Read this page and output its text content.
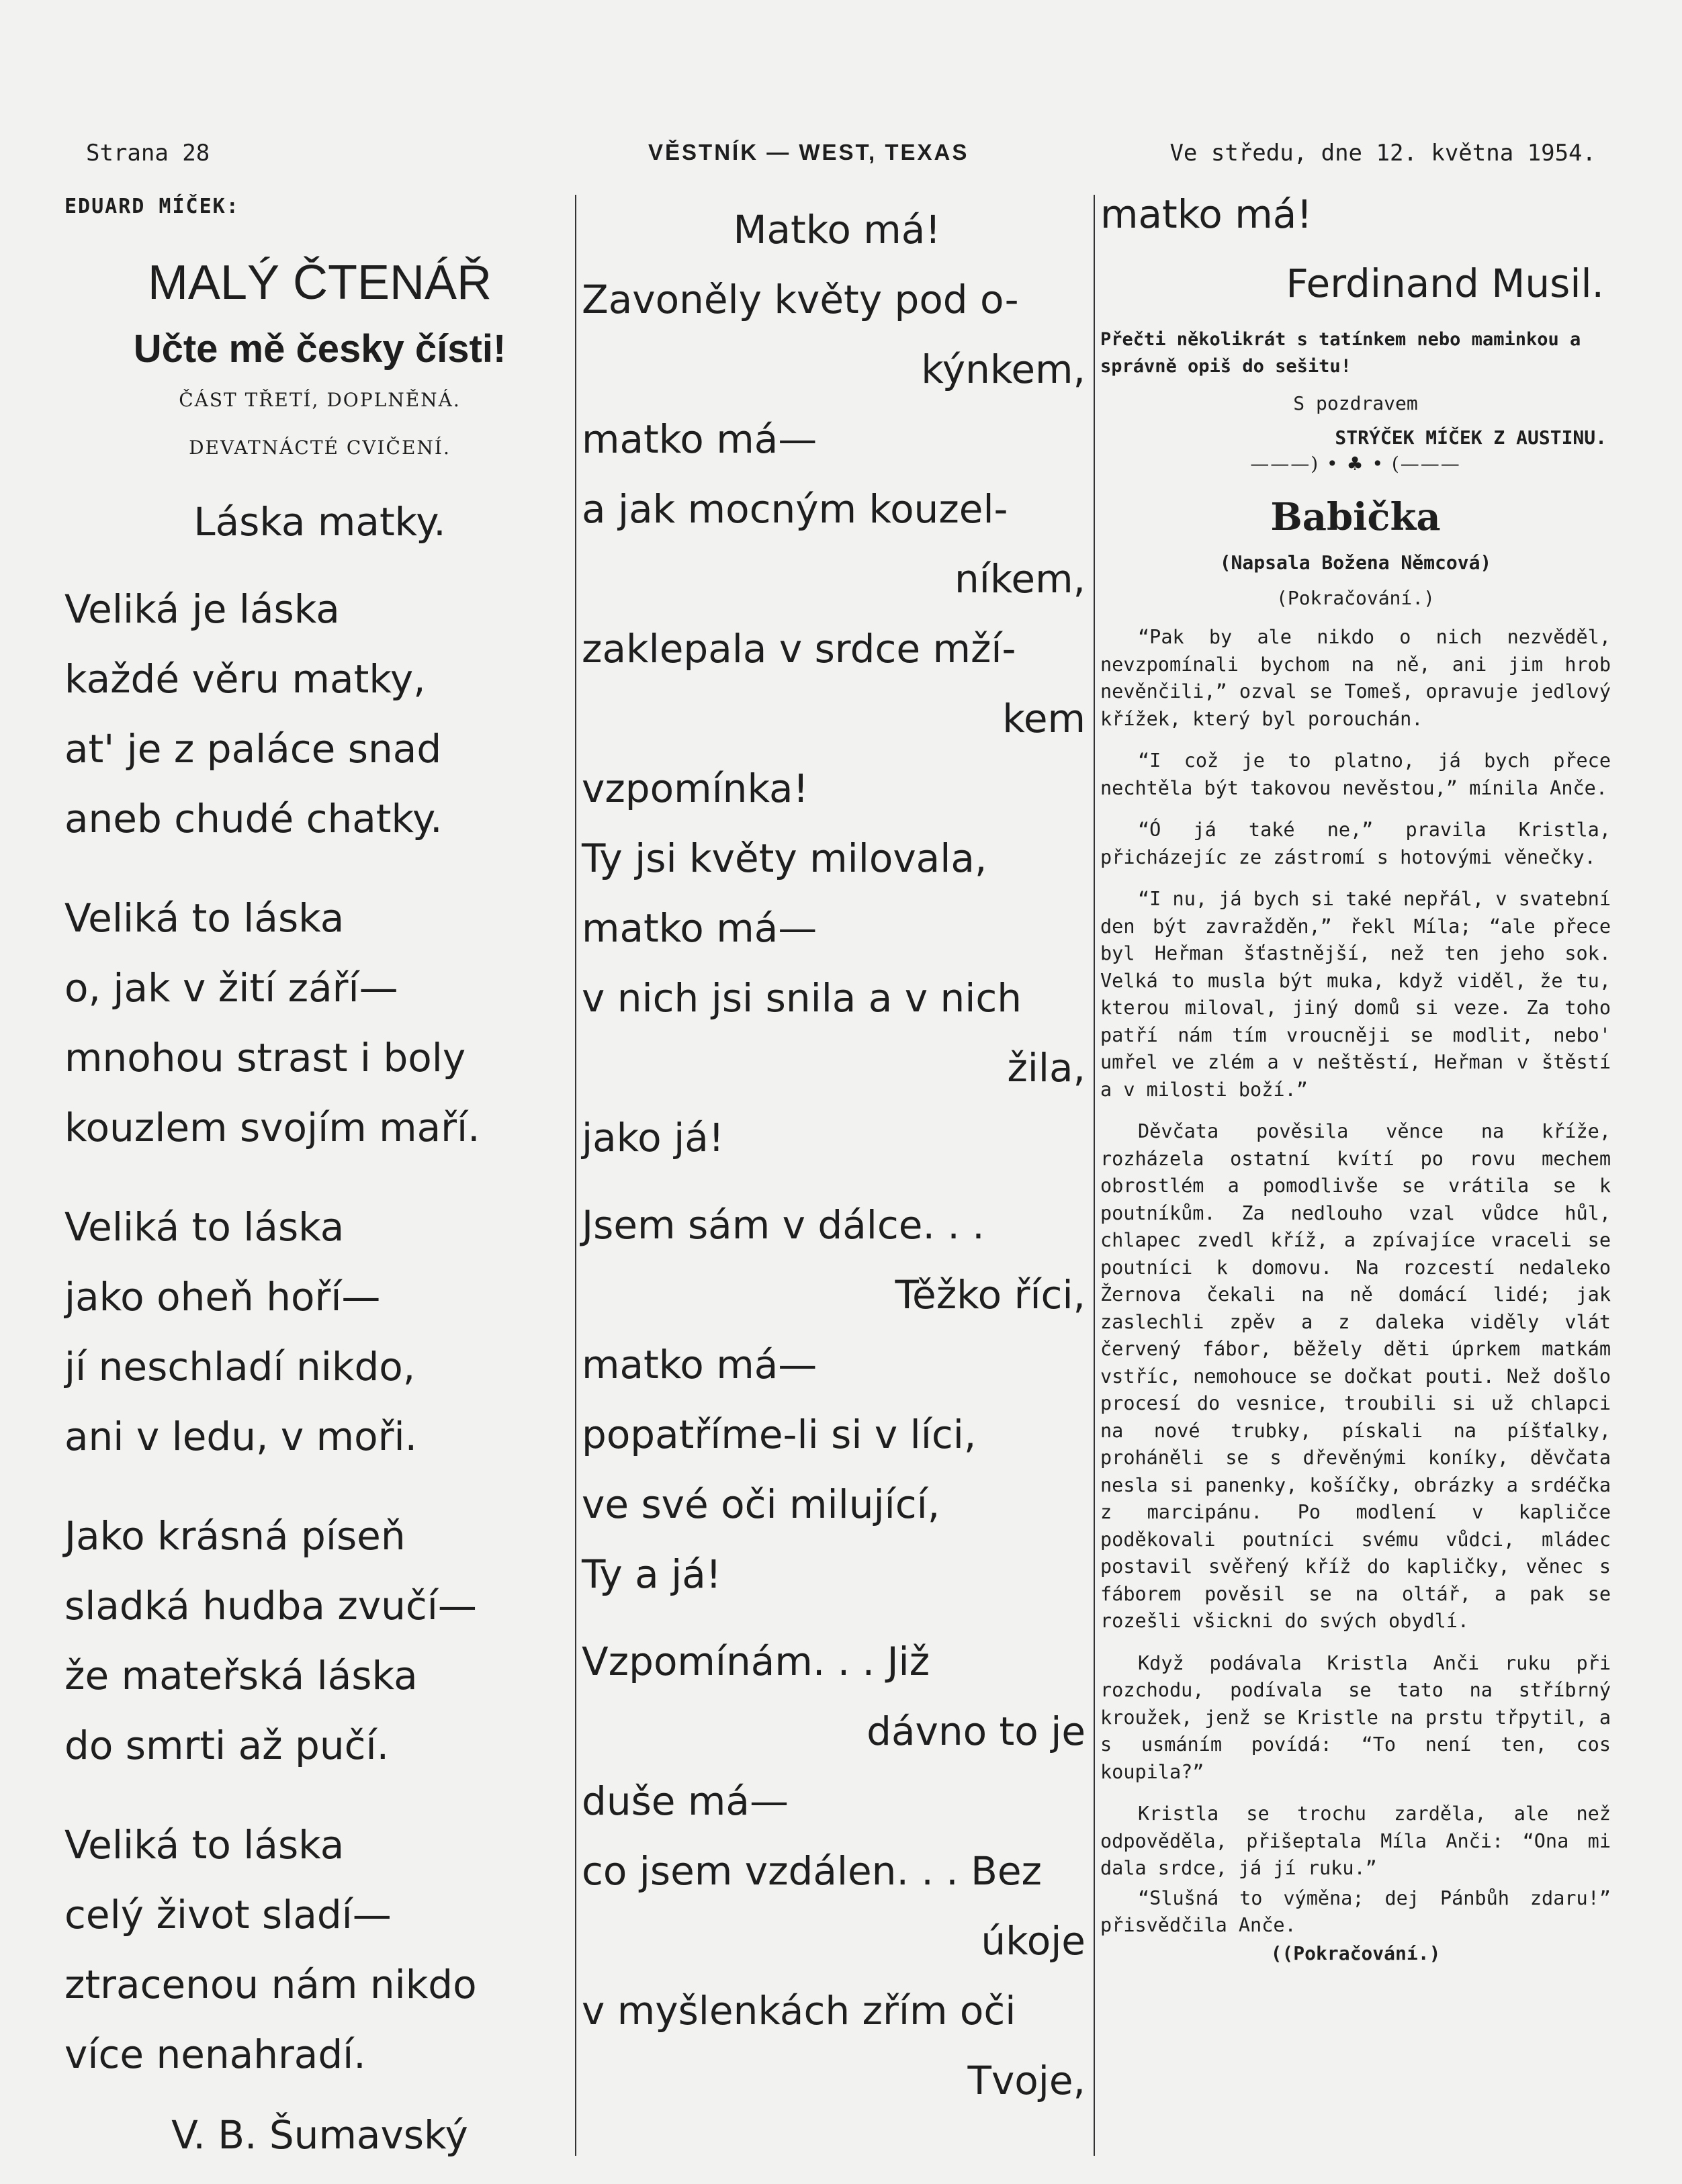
Strana 28	VĚSTNÍK — WEST, TEXAS	Ve středu, dne 12. května 1954.
EDUARD MÍČEK:
MALÝ ČTENÁŘ
Učte mě česky čísti!
ČÁST TŘETÍ, DOPLNĚNÁ.
DEVATNÁCTÉ CVIČENÍ.
Láska matky.
Veliká je láska
každé věru matky,
at' je z paláce snad
aneb chudé chatky.
Veliká to láska
o, jak v žití září—
mnohou strast i boly
kouzlem svojím maří.
Veliká to láska
jako oheň hoří—
jí neschladí nikdo,
ani v ledu, v moři.
Jako krásná píseň
sladká hudba zvučí—
že mateřská láska
do smrti až pučí.
Veliká to láska
celý život sladí—
ztracenou nám nikdo
více nenahradí.
V. B. Šumavský
Matko má!
Zavoněly květy pod o-
kýnkem,
matko má—
a jak mocným kouzel-
níkem,
zaklepala v srdce mží-
kem
vzpomínka!
Ty jsi květy milovala,
matko má—
v nich jsi snila a v nich
žila,
jako já!
Jsem sám v dálce. . .
Těžko říci,
matko má—
popatříme-li si v líci,
ve své oči milující,
Ty a já!
Vzpomínám. . . Již
dávno to je
duše má—
co jsem vzdálen. . . Bez
úkoje
v myšlenkách zřím oči
Tvoje,
matko má!
Ferdinand Musil.
Přečti několikrát s tatínkem nebo maminkou a správně opiš do sešitu!
S pozdravem
STRÝČEK MÍČEK Z AUSTINU.
———) • ♣ • (———
Babička
(Napsala Božena Němcová)
(Pokračování.)
“Pak by ale nikdo o nich nezvěděl, nevzpomínali bychom na ně, ani jim hrob nevěnčili,” ozval se Tomeš, opravuje jedlový křížek, který byl porouchán.
“I což je to platno, já bych přece nechtěla být takovou nevěstou,” mínila Anče.
“Ó já také ne,” pravila Kristla, přicházejíc ze zástromí s hotovými věnečky.
“I nu, já bych si také nepřál, v svatební den být zavražděn,” řekl Míla; “ale přece byl Heřman šťastnější, než ten jeho sok. Velká to musla být muka, když viděl, že tu, kterou miloval, jiný domů si veze. Za toho patří nám tím vroucněji se modlit, nebo' umřel ve zlém a v neštěstí, Heřman v štěstí a v milosti boží.”
Děvčata pověsila věnce na kříže, rozházela ostatní kvítí po rovu mechem obrostlém a pomodlivše se vrátila se k poutníkům. Za nedlouho vzal vůdce hůl, chlapec zvedl kříž, a zpívajíce vraceli se poutníci k domovu. Na rozcestí nedaleko Žernova čekali na ně domácí lidé; jak zaslechli zpěv a z daleka viděly vlát červený fábor, běžely děti úprkem matkám vstříc, nemohouce se dočkat pouti. Než došlo procesí do vesnice, troubili si už chlapci na nové trubky, pískali na píšťalky, proháněli se s dřevěnými koníky, děvčata nesla si panenky, košíčky, obrázky a srdéčka z marcipánu. Po modlení v kapličce poděkovali poutníci svému vůdci, mládec postavil svěřený kříž do kapličky, věnec s fáborem pověsil se na oltář, a pak se rozešli všickni do svých obydlí.
Když podávala Kristla Anči ruku při rozchodu, podívala se tato na stříbrný kroužek, jenž se Kristle na prstu třpytil, a s usmáním povídá: “To není ten, cos koupila?”
Kristla se trochu zarděla, ale než odpověděla, přišeptala Míla Anči: “Ona mi dala srdce, já jí ruku.”
“Slušná to výměna; dej Pánbůh zdaru!” přisvědčila Anče.
((Pokračování.)
